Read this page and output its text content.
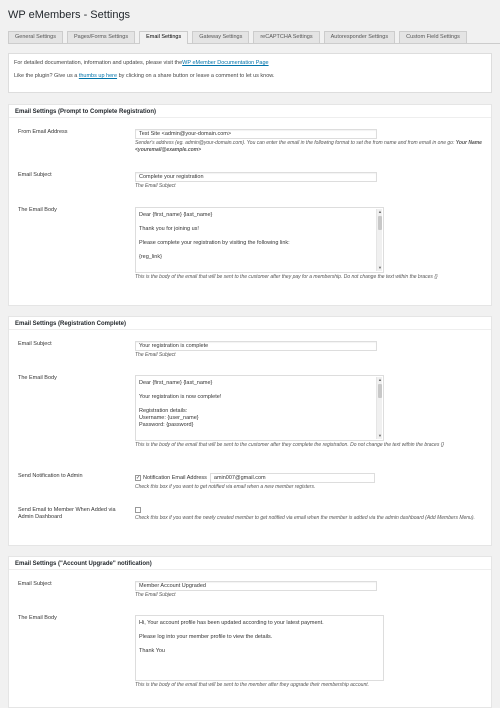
WP eMembers - Settings
General Settings	Pages/Forms Settings	Email Settings	Gateway Settings	reCAPTCHA Settings	Autoresponder Settings	Custom Field Settings

For detailed documentation, information and updates, please visit theWP eMember Documentation Page

Like the plugin? Give us a thumbs up here by clicking on a share button or leave a comment to let us know.

Email Settings (Prompt to Complete Registration)
From Email Address
Test Site <admin@your-domain.com>
Sender's address (eg. admin@your-domain.com). You can enter the email in the following format to set the from name and from email in one go: Your Name <youremail@example.com>
Email Subject
Complete your registration
The Email Subject
The Email Body
Dear {first_name} {last_name}
Thank you for joining us!
Please complete your registration by visiting the following link:
{reg_link}
▲
▼
This is the body of the email that will be sent to the customer after they pay for a membership. Do not change the text within the braces {}
Email Settings (Registration Complete)
Email Subject
Your registration is complete
The Email Subject
The Email Body
Dear {first_name} {last_name}
Your registration is now complete!
Registration details:
Username: {user_name}
Password: {password}
▲
▼
This is the body of the email that will be sent to the customer after they complete the registration. Do not change the text within the braces {}
Send Notification to Admin	✓ Notification Email Addressamin007@gmail.com
Check this box if you want to get notified via email when a new member registers.
Send Email to Member When Added via Admin Dashboard	Check this box if you want the newly created member to get notified via email when the member is added via the admin dashboard (Add Members Menu).
Email Settings ("Account Upgrade" notification)
Email Subject
Member Account Upgraded
The Email Subject
The Email Body
Hi, Your account profile has been updated according to your latest payment.
Please log into your member profile to view the details.
Thank You
This is the body of the email that will be sent to the member after they upgrade their membership account.
